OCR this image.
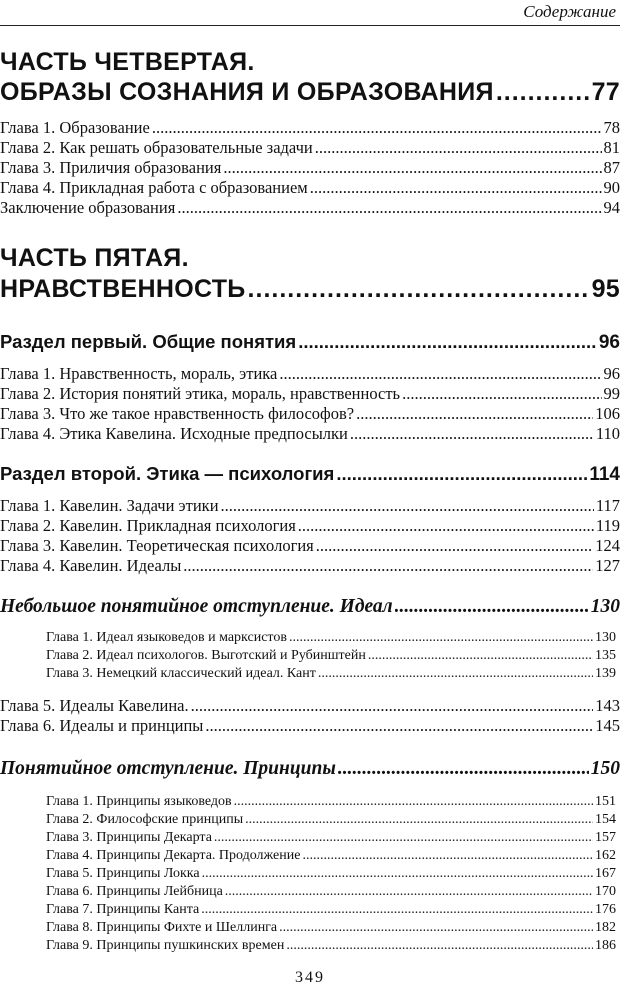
Содержание
ЧАСТЬ ЧЕТВЕРТАЯ.
ОБРАЗЫ СОЗНАНИЯ И ОБРАЗОВАНИЯ .....	77
Глава 1. Образование .....	78
Глава 2. Как решать образовательные задачи .....	81
Глава 3. Приличия образования .....	87
Глава 4. Прикладная работа с образованием .....	90
Заключение образования .....	94
ЧАСТЬ ПЯТАЯ.
НРАВСТВЕННОСТЬ .....	95
Раздел первый. Общие понятия .....	96
Глава 1. Нравственность, мораль, этика .....	96
Глава 2. История понятий этика, мораль, нравственность .....	99
Глава 3. Что же такое нравственность философов? .....	106
Глава 4. Этика Кавелина. Исходные предпосылки .....	110
Раздел второй. Этика — психология .....	114
Глава 1. Кавелин. Задачи этики .....	117
Глава 2. Кавелин. Прикладная психология .....	119
Глава 3. Кавелин. Теоретическая психология .....	124
Глава 4. Кавелин. Идеалы .....	127
Небольшое понятийное отступление. Идеал .....	130
Глава 1. Идеал языковедов и марксистов .....	130
Глава 2. Идеал психологов. Выготский и Рубинштейн .....	135
Глава 3. Немецкий классический идеал. Кант .....	139
Глава 5. Идеалы Кавелина. .....	143
Глава 6. Идеалы и принципы .....	145
Понятийное отступление. Принципы .....	150
Глава 1. Принципы языковедов .....	151
Глава 2. Философские принципы .....	154
Глава 3. Принципы Декарта .....	157
Глава 4. Принципы Декарта. Продолжение .....	162
Глава 5. Принципы Локка .....	167
Глава 6. Принципы Лейбница .....	170
Глава 7. Принципы Канта .....	176
Глава 8. Принципы Фихте и Шеллинга .....	182
Глава 9. Принципы пушкинских времен .....	186
349
